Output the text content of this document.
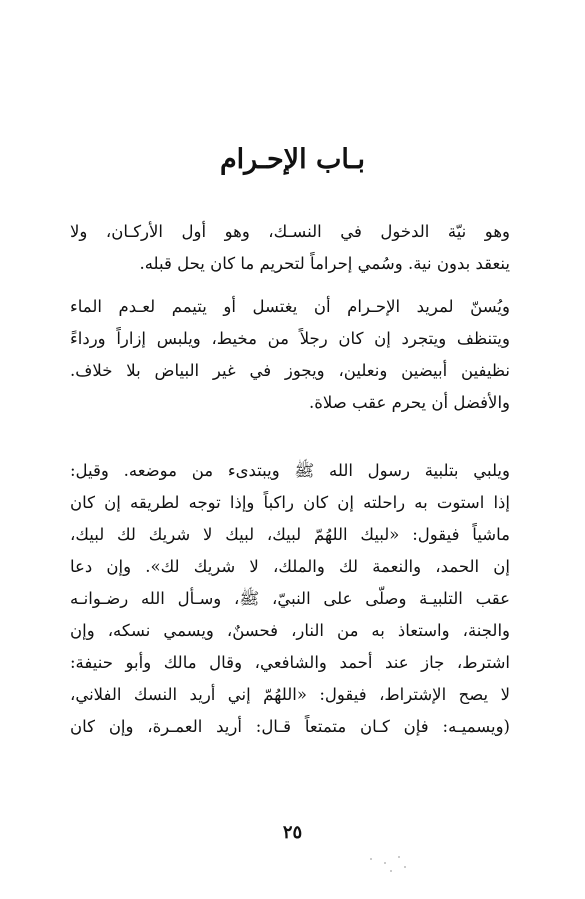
بـاب الإحـرام
وهو نيّة الدخول في النسـك، وهو أول الأركـان، ولا
ينعقد بدون نية. وسُمي إحراماً لتحريم ما كان يحل قبله.
ويُسنّ لمريد الإحـرام أن يغتسل أو يتيمم لعـدم الماء
ويتنظف ويتجرد إن كان رجلاً من مخيط، ويلبس إزاراً ورداءً
نظيفين أبيضين ونعلين، ويجوز في غير البياض بلا خلاف.
والأفضل أن يحرم عقب صلاة.
ويلبي بتلبية رسول الله ﷺ ويبتدىء من موضعه. وقيل:
إذا استوت به راحلته إن كان راكباً وإذا توجه لطريقه إن كان
ماشياً فيقول: «لبيك اللهُمّ لبيك، لبيك لا شريك لك لبيك،
إن الحمد، والنعمة لك والملك، لا شريك لك». وإن دعا
عقب التلبيـة وصلّى على النبيّ، ﷺ، وسـأل الله رضـوانـه
والجنة، واستعاذ به من النار، فحسنٌ، ويسمي نسكه، وإن
اشترط، جاز عند أحمد والشافعي، وقال مالك وأبو حنيفة:
لا يصح الإشتراط، فيقول: «اللهُمّ إني أريد النسك الفلاني،
(ويسميـه: فإن كـان متمتعاً قـال: أريد العمـرة، وإن كان
٢٥
